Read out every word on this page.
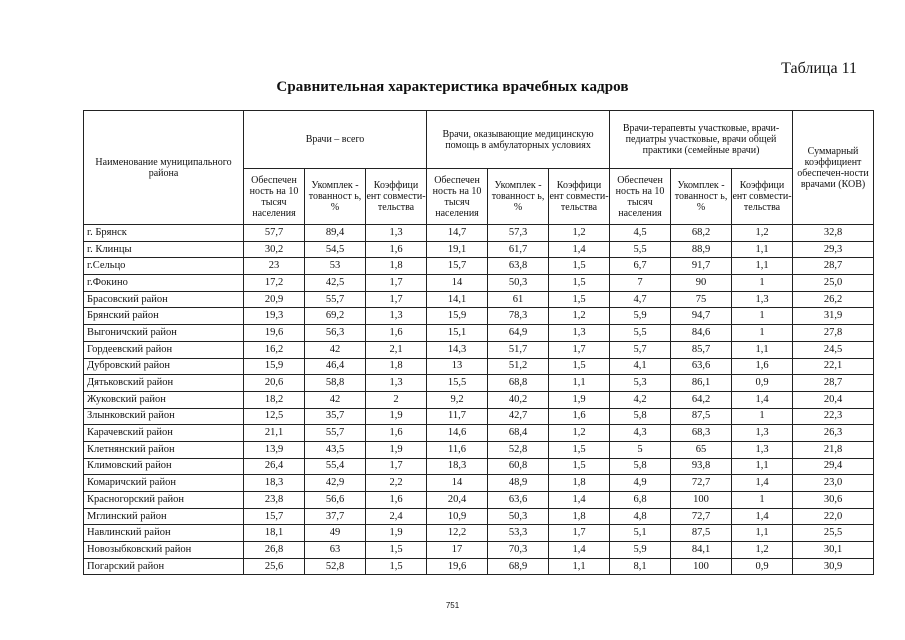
Таблица 11
Сравнительная характеристика врачебных кадров
Наименование муниципального района	Врачи – всего			Врачи, оказывающие медицинскую помощь в амбулаторных условиях			Врачи-терапевты участковые, врачи-педиатры участковые, врачи общей практики (семейные врачи)			Суммарный коэффициент обеспечен-ности врачами (КОВ)
	Обеспечен ность на 10 тысяч населения	Укомплек - тованност ь, %	Коэффици ент совмести-тельства	Обеспечен ность на 10 тысяч населения	Укомплек - тованност ь, %	Коэффици ент совмести-тельства	Обеспечен ность на 10 тысяч населения	Укомплек - тованност ь, %	Коэффици ент совмести-тельства	
г. Брянск	57,7	89,4	1,3	14,7	57,3	1,2	4,5	68,2	1,2	32,8
г. Клинцы	30,2	54,5	1,6	19,1	61,7	1,4	5,5	88,9	1,1	29,3
г.Сельцо	23	53	1,8	15,7	63,8	1,5	6,7	91,7	1,1	28,7
г.Фокино	17,2	42,5	1,7	14	50,3	1,5	7	90	1	25,0
Брасовский район	20,9	55,7	1,7	14,1	61	1,5	4,7	75	1,3	26,2
Брянский район	19,3	69,2	1,3	15,9	78,3	1,2	5,9	94,7	1	31,9
Выгоничский район	19,6	56,3	1,6	15,1	64,9	1,3	5,5	84,6	1	27,8
Гордеевский район	16,2	42	2,1	14,3	51,7	1,7	5,7	85,7	1,1	24,5
Дубровский район	15,9	46,4	1,8	13	51,2	1,5	4,1	63,6	1,6	22,1
Дятьковский район	20,6	58,8	1,3	15,5	68,8	1,1	5,3	86,1	0,9	28,7
Жуковский район	18,2	42	2	9,2	40,2	1,9	4,2	64,2	1,4	20,4
Злынковский район	12,5	35,7	1,9	11,7	42,7	1,6	5,8	87,5	1	22,3
Карачевский район	21,1	55,7	1,6	14,6	68,4	1,2	4,3	68,3	1,3	26,3
Клетнянский район	13,9	43,5	1,9	11,6	52,8	1,5	5	65	1,3	21,8
Климовский район	26,4	55,4	1,7	18,3	60,8	1,5	5,8	93,8	1,1	29,4
Комаричский район	18,3	42,9	2,2	14	48,9	1,8	4,9	72,7	1,4	23,0
Красногорский район	23,8	56,6	1,6	20,4	63,6	1,4	6,8	100	1	30,6
Мглинский район	15,7	37,7	2,4	10,9	50,3	1,8	4,8	72,7	1,4	22,0
Навлинский район	18,1	49	1,9	12,2	53,3	1,7	5,1	87,5	1,1	25,5
Новозыбковский район	26,8	63	1,5	17	70,3	1,4	5,9	84,1	1,2	30,1
Погарский район	25,6	52,8	1,5	19,6	68,9	1,1	8,1	100	0,9	30,9
751
